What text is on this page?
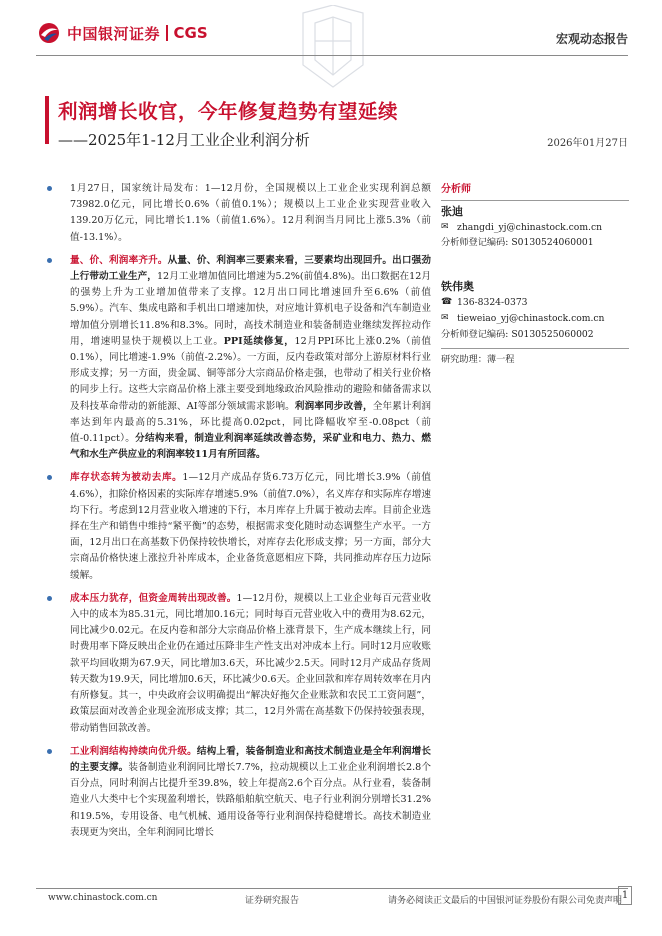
中国银河证券 CGS	宏观动态报告
利润增长收官，今年修复趋势有望延续
——2025年1-12月工业企业利润分析	2026年01月27日
1月27日，国家统计局发布：1—12月份，全国规模以上工业企业实现利润总额73982.0亿元，同比增长0.6%（前值0.1%）；规模以上工业企业实现营业收入139.20万亿元，同比增长1.1%（前值1.6%）。12月利润当月同比上涨5.3%（前值-13.1%）。
量、价、利润率齐升。从量、价、利润率三要素来看，三要素均出现回升。出口强劲上行带动工业生产，12月工业增加值同比增速为5.2%(前值4.8%)。出口数据在12月的强势上升为工业增加值带来了支撑。12月出口同比增速回升至6.6%（前值5.9%）。汽车、集成电路和手机出口增速加快，对应地计算机电子设备和汽车制造业增加值分别增长11.8%和8.3%。同时，高技术制造业和装备制造业继续发挥拉动作用，增速明显快于规模以上工业。PPI延续修复，12月PPI环比上涨0.2%（前值0.1%），同比增速-1.9%（前值-2.2%）。一方面，反内卷政策对部分上游原材料行业形成支撑；另一方面，贵金属、铜等部分大宗商品价格走强，也带动了相关行业价格的同步上行。这些大宗商品价格上涨主要受到地缘政治风险推动的避险和储备需求以及科技革命带动的新能源、AI等部分领域需求影响。利润率同步改善，全年累计利润率达到年内最高的5.31%，环比提高0.02pct，同比降幅收窄至-0.08pct（前值-0.11pct）。分结构来看，制造业利润率延续改善态势，采矿业和电力、热力、燃气和水生产供应业的利润率较11月有所回落。
库存状态转为被动去库。1—12月产成品存货6.73万亿元，同比增长3.9%（前值4.6%），扣除价格因素的实际库存增速5.9%（前值7.0%），名义库存和实际库存增速均下行。考虑到12月营业收入增速的下行，本月库存上升属于被动去库。目前企业选择在生产和销售中维持“紧平衡”的态势，根据需求变化随时动态调整生产水平。一方面，12月出口在高基数下仍保持较快增长，对库存去化形成支撑；另一方面，部分大宗商品价格快速上涨拉升补库成本，企业备货意愿相应下降，共同推动库存压力边际缓解。
成本压力犹存，但资金周转出现改善。1—12月份，规模以上工业企业每百元营业收入中的成本为85.31元，同比增加0.16元；同时每百元营业收入中的费用为8.62元，同比减少0.02元。在反内卷和部分大宗商品价格上涨背景下，生产成本继续上行，同时费用率下降反映出企业仍在通过压降非生产性支出对冲成本上行。同时12月应收账款平均回收期为67.9天，同比增加3.6天，环比减少2.5天。同时12月产成品存货周转天数为19.9天，同比增加0.6天，环比减少0.6天。企业回款和库存周转效率在月内有所修复。其一，中央政府会议明确提出“解决好拖欠企业账款和农民工工资问题”，政策层面对改善企业现金流形成支撑；其二，12月外需在高基数下仍保持较强表现，带动销售回款改善。
工业利润结构持续向优升级。结构上看，装备制造业和高技术制造业是全年利润增长的主要支撑。装备制造业利润同比增长7.7%，拉动规模以上工业企业利润增长2.8个百分点，同时利润占比提升至39.8%，较上年提高2.6个百分点。从行业看，装备制造业八大类中七个实现盈利增长，铁路船舶航空航天、电子行业利润分别增长31.2%和19.5%，专用设备、电气机械、通用设备等行业利润保持稳健增长。高技术制造业表现更为突出，全年利润同比增长
分析师
张迪
✉ zhangdi_yj@chinastock.com.cn
分析师登记编码: S0130524060001
铁伟奥
☎ 136-8324-0373
✉ tieweiao_yj@chinastock.com.cn
分析师登记编码: S0130525060002
研究助理：薄一程
www.chinastock.com.cn	证券研究报告	请务必阅读正文最后的中国银河证券股份有限公司免责声明 1
